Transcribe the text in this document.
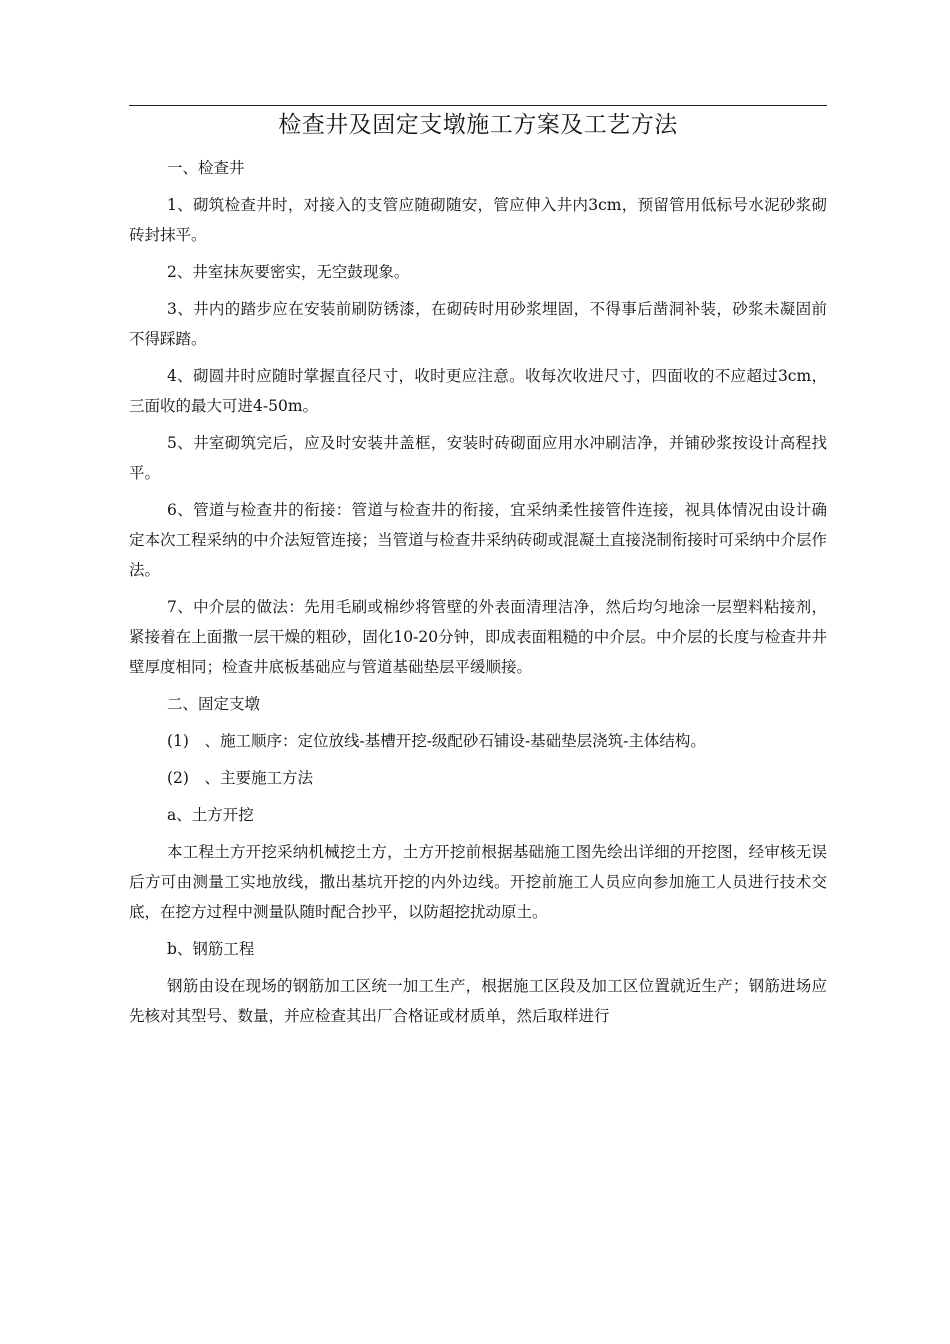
检查井及固定支墩施工方案及工艺方法

一、检查井

1、砌筑检查井时，对接入的支管应随砌随安，管应伸入井内3cm，预留管用低标号水泥砂浆砌砖封抹平。

2、井室抹灰要密实，无空鼓现象。

3、井内的踏步应在安装前刷防锈漆，在砌砖时用砂浆埋固，不得事后凿洞补装，砂浆未凝固前不得踩踏。

4、砌圆井时应随时掌握直径尺寸，收时更应注意。收每次收进尺寸，四面收的不应超过3cm，三面收的最大可进4-50m。

5、井室砌筑完后，应及时安装井盖框，安装时砖砌面应用水冲刷洁净，并铺砂浆按设计高程找平。

6、管道与检查井的衔接：管道与检查井的衔接，宜采纳柔性接管件连接，视具体情况由设计确定本次工程采纳的中介法短管连接；当管道与检查井采纳砖砌或混凝土直接浇制衔接时可采纳中介层作法。

7、中介层的做法：先用毛刷或棉纱将管壁的外表面清理洁净，然后均匀地涂一层塑料粘接剂，紧接着在上面撒一层干燥的粗砂，固化10-20分钟，即成表面粗糙的中介层。中介层的长度与检查井井壁厚度相同；检查井底板基础应与管道基础垫层平缓顺接。

二、固定支墩

(1)　、施工顺序：定位放线-基槽开挖-级配砂石铺设-基础垫层浇筑-主体结构。

(2)　、主要施工方法

a、土方开挖

本工程土方开挖采纳机械挖土方，土方开挖前根据基础施工图先绘出详细的开挖图，经审核无误后方可由测量工实地放线，撒出基坑开挖的内外边线。开挖前施工人员应向参加施工人员进行技术交底，在挖方过程中测量队随时配合抄平，以防超挖扰动原土。

b、钢筋工程

钢筋由设在现场的钢筋加工区统一加工生产，根据施工区段及加工区位置就近生产；钢筋进场应先核对其型号、数量，并应检查其出厂合格证或材质单，然后取样进行
